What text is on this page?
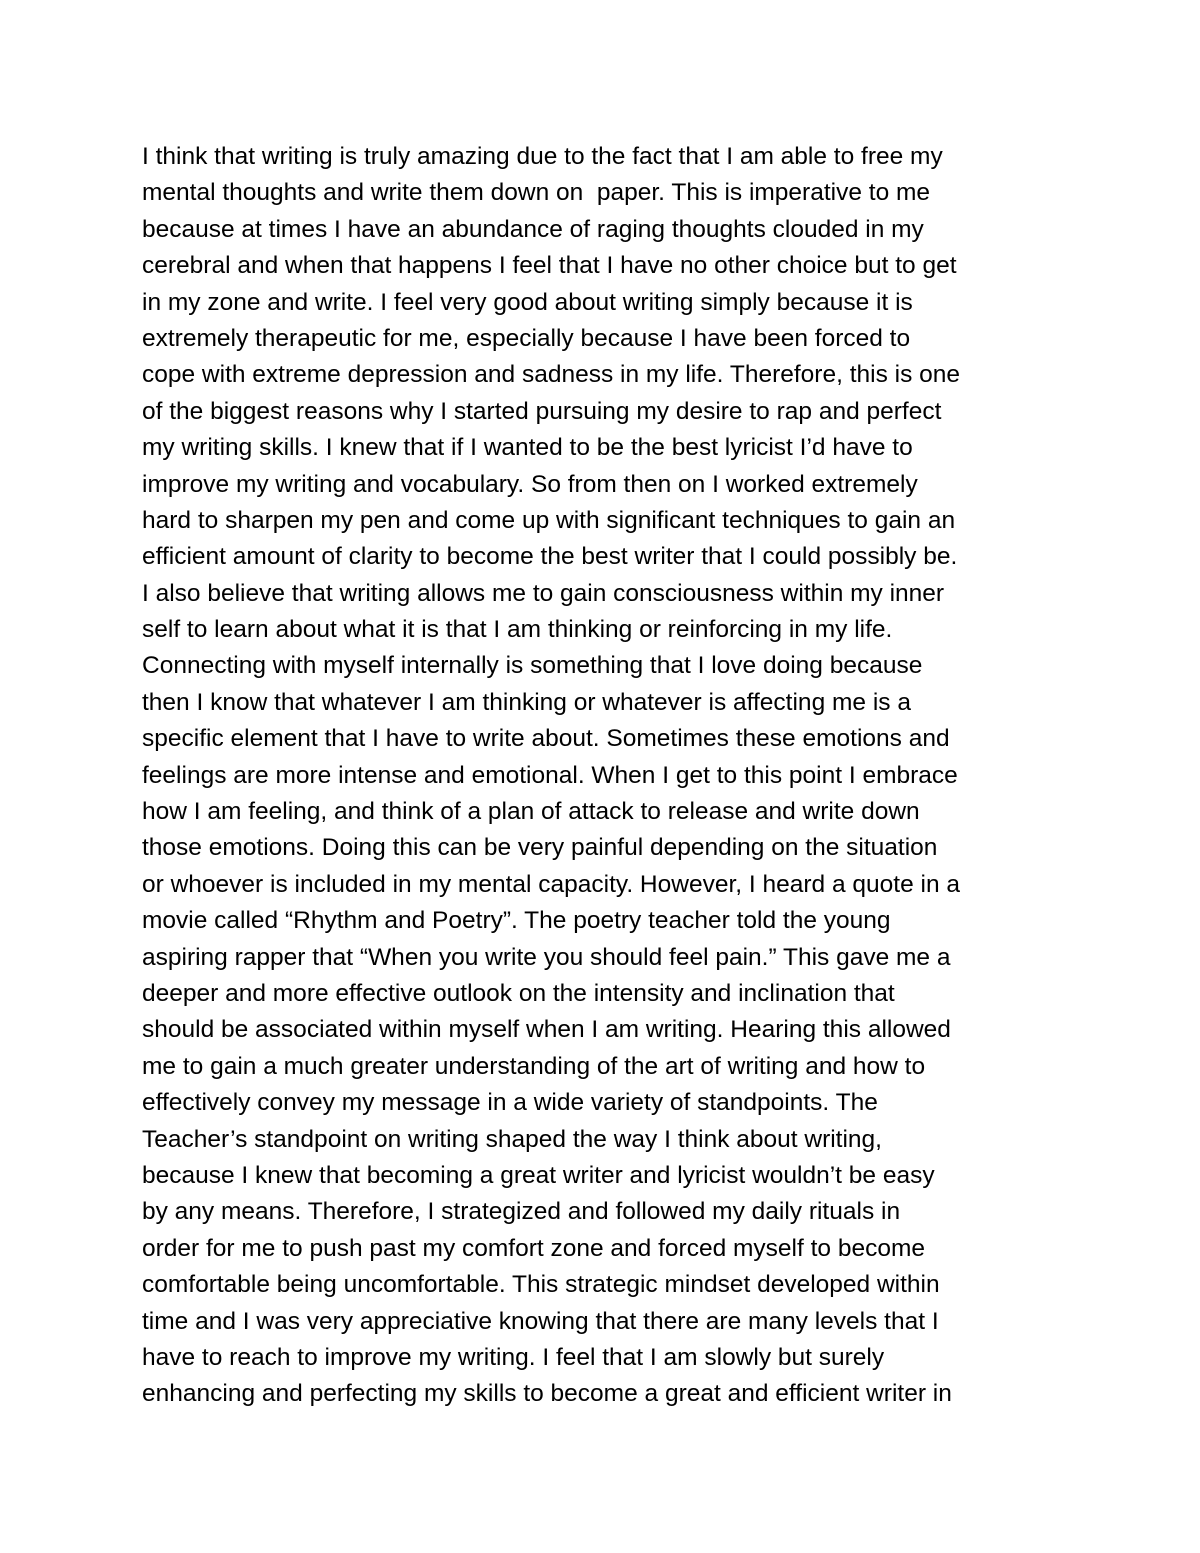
I think that writing is truly amazing due to the fact that I am able to free my
mental thoughts and write them down on  paper. This is imperative to me
because at times I have an abundance of raging thoughts clouded in my
cerebral and when that happens I feel that I have no other choice but to get
in my zone and write. I feel very good about writing simply because it is
extremely therapeutic for me, especially because I have been forced to
cope with extreme depression and sadness in my life. Therefore, this is one
of the biggest reasons why I started pursuing my desire to rap and perfect
my writing skills. I knew that if I wanted to be the best lyricist I’d have to
improve my writing and vocabulary. So from then on I worked extremely
hard to sharpen my pen and come up with significant techniques to gain an
efficient amount of clarity to become the best writer that I could possibly be.
I also believe that writing allows me to gain consciousness within my inner
self to learn about what it is that I am thinking or reinforcing in my life.
Connecting with myself internally is something that I love doing because
then I know that whatever I am thinking or whatever is affecting me is a
specific element that I have to write about. Sometimes these emotions and
feelings are more intense and emotional. When I get to this point I embrace
how I am feeling, and think of a plan of attack to release and write down
those emotions. Doing this can be very painful depending on the situation
or whoever is included in my mental capacity. However, I heard a quote in a
movie called “Rhythm and Poetry”. The poetry teacher told the young
aspiring rapper that “When you write you should feel pain.” This gave me a
deeper and more effective outlook on the intensity and inclination that
should be associated within myself when I am writing. Hearing this allowed
me to gain a much greater understanding of the art of writing and how to
effectively convey my message in a wide variety of standpoints. The
Teacher’s standpoint on writing shaped the way I think about writing,
because I knew that becoming a great writer and lyricist wouldn’t be easy
by any means. Therefore, I strategized and followed my daily rituals in
order for me to push past my comfort zone and forced myself to become
comfortable being uncomfortable. This strategic mindset developed within
time and I was very appreciative knowing that there are many levels that I
have to reach to improve my writing. I feel that I am slowly but surely
enhancing and perfecting my skills to become a great and efficient writer in
